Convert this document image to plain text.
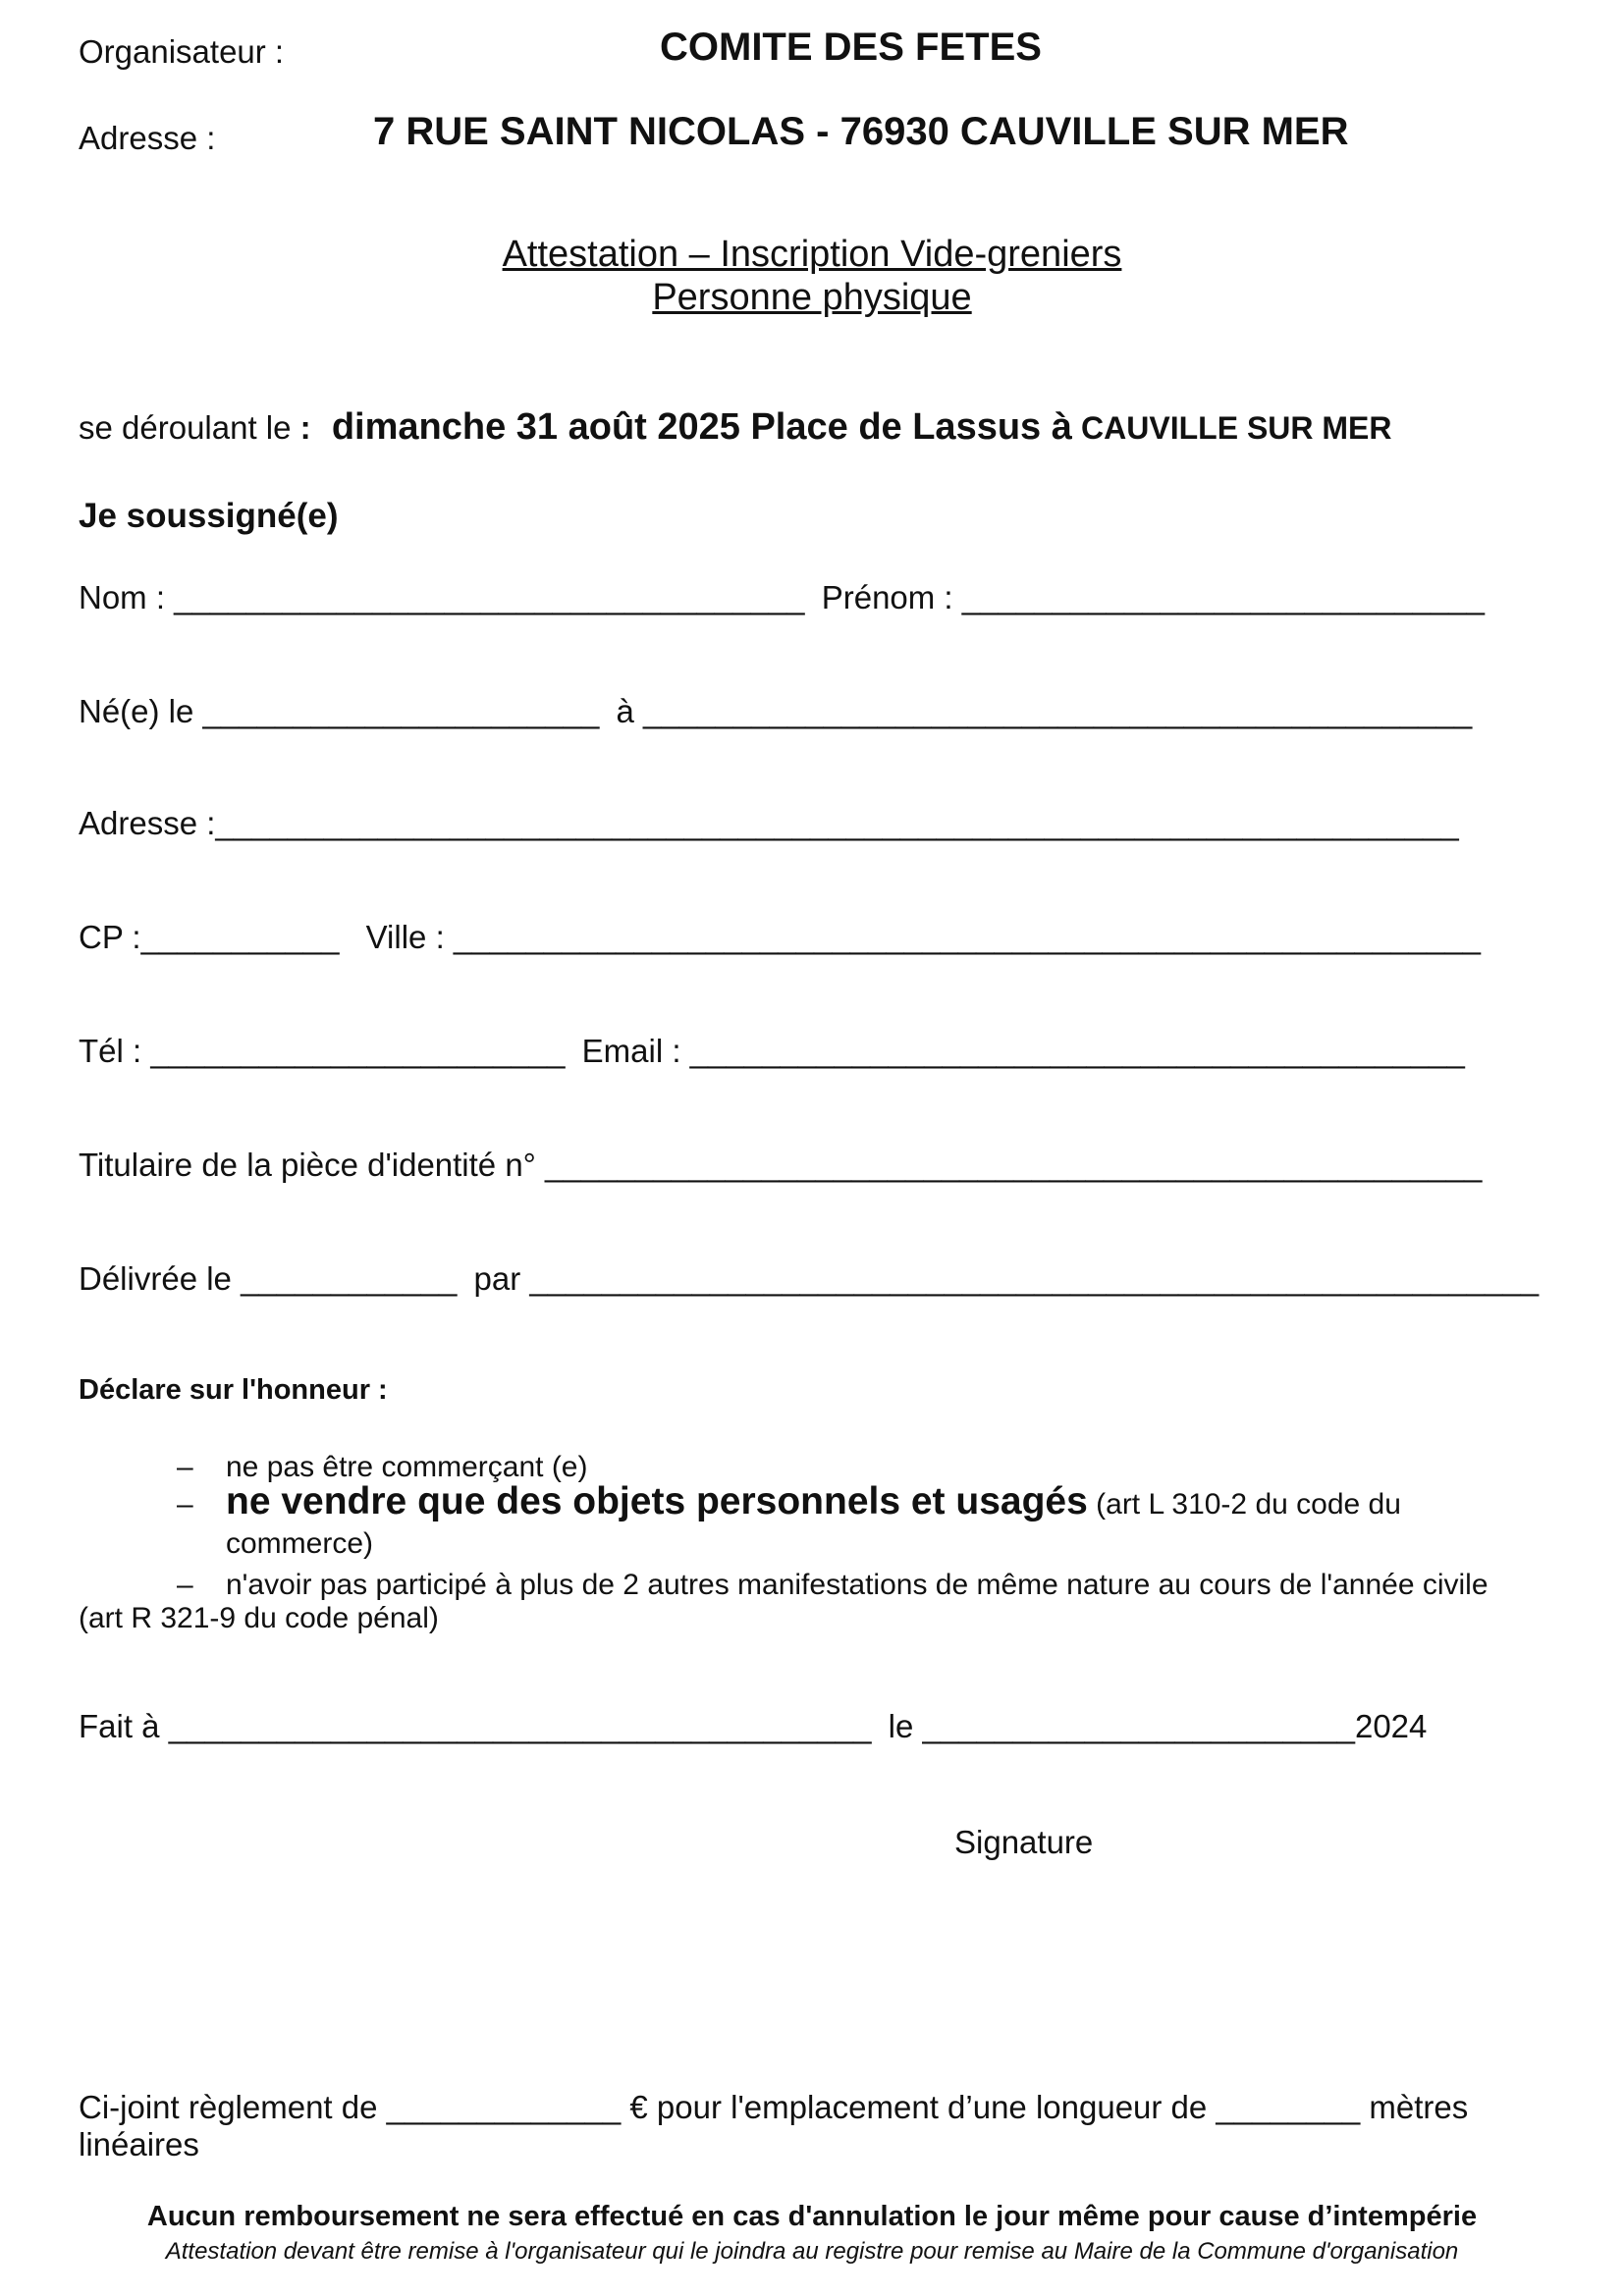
Organisateur :	COMITE DES FETES
Adresse :	7 RUE SAINT NICOLAS - 76930 CAUVILLE SUR MER
Attestation – Inscription Vide-greniers
Personne physique
se déroulant le : dimanche 31 août 2025 Place de Lassus à CAUVILLE SUR MER
Je soussigné(e)
Nom : ___________________________________ Prénom : _____________________________
Né(e) le ______________________ à ______________________________________________
Adresse :_____________________________________________________________________
CP :___________ Ville : _________________________________________________________
Tél : _______________________ Email : ___________________________________________
Titulaire de la pièce d'identité n° ____________________________________________________
Délivrée le ____________ par ________________________________________________________
Déclare sur l'honneur :
– ne pas être commerçant (e)
– ne vendre que des objets personnels et usagés (art L 310-2 du code du
commerce)
– n'avoir pas participé à plus de 2 autres manifestations de même nature au cours de l'année civile
(art R 321-9 du code pénal)
Fait à _______________________________________ le ________________________2024
Signature
Ci-joint règlement de _____________ € pour l'emplacement d’une longueur de ________ mètres
linéaires
Aucun remboursement ne sera effectué en cas d'annulation le jour même pour cause d’intempérie
Attestation devant être remise à l'organisateur qui le joindra au registre pour remise au Maire de la Commune d'organisation
